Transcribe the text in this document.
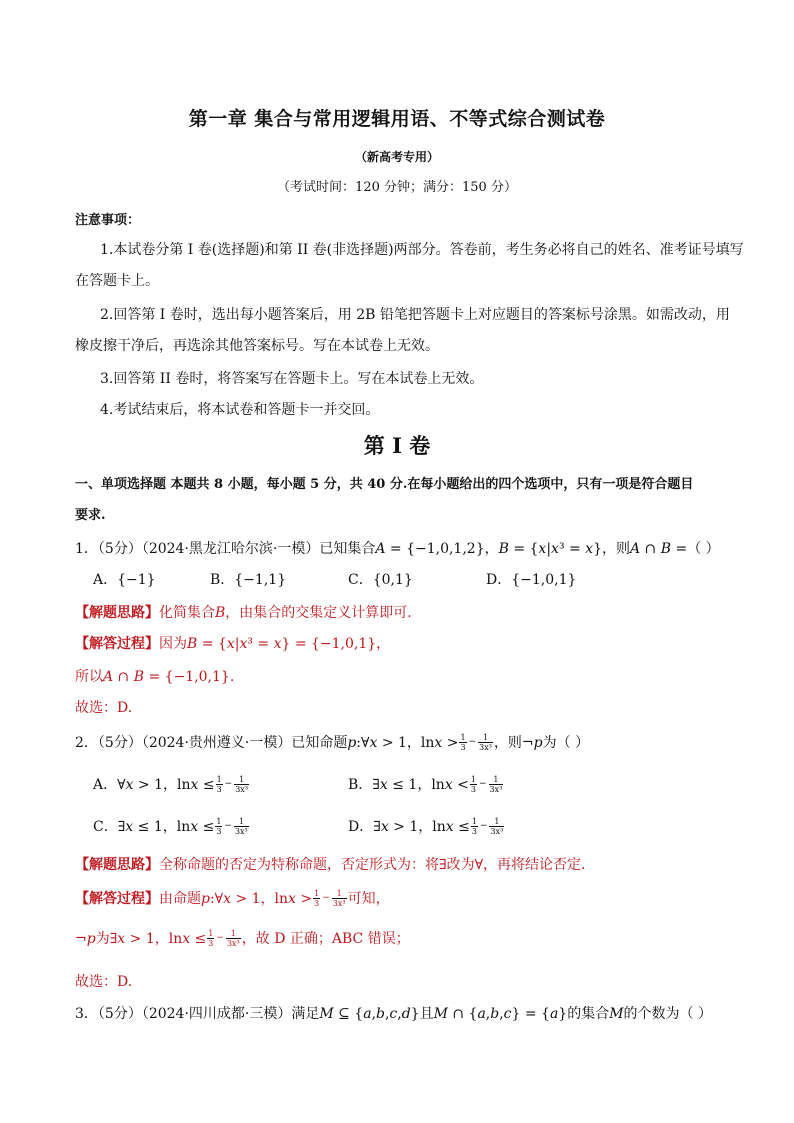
第一章 集合与常用逻辑用语、不等式综合测试卷
（新高考专用）
（考试时间：120 分钟；满分：150 分）
注意事项：
1.本试卷分第 I 卷(选择题)和第 II 卷(非选择题)两部分。答卷前，考生务必将自己的姓名、准考证号填写
在答题卡上。
2.回答第 I 卷时，选出每小题答案后，用 2B 铅笔把答题卡上对应题目的答案标号涂黑。如需改动，用
橡皮擦干净后，再选涂其他答案标号。写在本试卷上无效。
3.回答第 II 卷时，将答案写在答题卡上。写在本试卷上无效。
4.考试结束后，将本试卷和答题卡一并交回。
第 I 卷
一、单项选择题 本题共 8 小题，每小题 5 分，共 40 分.在每小题给出的四个选项中，只有一项是符合题目
要求.
1．（5分）（2024·黑龙江哈尔滨·一模）已知集合𝐴 = {−1,0,1,2}，𝐵 = {𝑥|𝑥³ = 𝑥}，则𝐴 ∩ 𝐵 =（ ）
A．{−1}	B．{−1,1}	C．{0,1}	D．{−1,0,1}
【解题思路】化简集合𝐵，由集合的交集定义计算即可.
【解答过程】因为𝐵 = {𝑥|𝑥³ = 𝑥} = {−1,0,1}，
所以𝐴 ∩ 𝐵 = {−1,0,1}.
故选：D.
2．（5分）（2024·贵州遵义·一模）已知命题𝑝:∀𝑥 > 1，ln𝑥 > $\frac{1}{3} - \frac{1}{\text{3x³}}$ ，则¬𝑝为（ ）
A．∀𝑥 > 1，ln𝑥 ≤ $\frac{1}{3} - \frac{1}{\text{3x³}}$	B．∃𝑥 ≤ 1，ln𝑥 < $\frac{1}{3} - \frac{1}{\text{3x³}}$
C．∃𝑥 ≤ 1，ln𝑥 ≤ $\frac{1}{3} - \frac{1}{\text{3x³}}$	D．∃𝑥 > 1，ln𝑥 ≤ $\frac{1}{3} - \frac{1}{\text{3x³}}$
【解题思路】全称命题的否定为特称命题，否定形式为：将∃改为∀，再将结论否定.
【解答过程】 由命题𝑝:∀𝑥 > 1，ln𝑥 > $\frac{1}{3} - \frac{1}{\text{3x³}}$ 可知，
¬𝑝为∃𝑥 > 1，ln𝑥 ≤ $\frac{1}{3} - \frac{1}{\text{3x³}}$ ，故 D 正确；ABC 错误；
故选：D.
3．（5分）（2024·四川成都·三模）满足𝑀 ⊆ {𝑎,𝑏,𝑐,𝑑}且𝑀 ∩ {𝑎,𝑏,𝑐} = {𝑎}的集合𝑀的个数为（ ）
